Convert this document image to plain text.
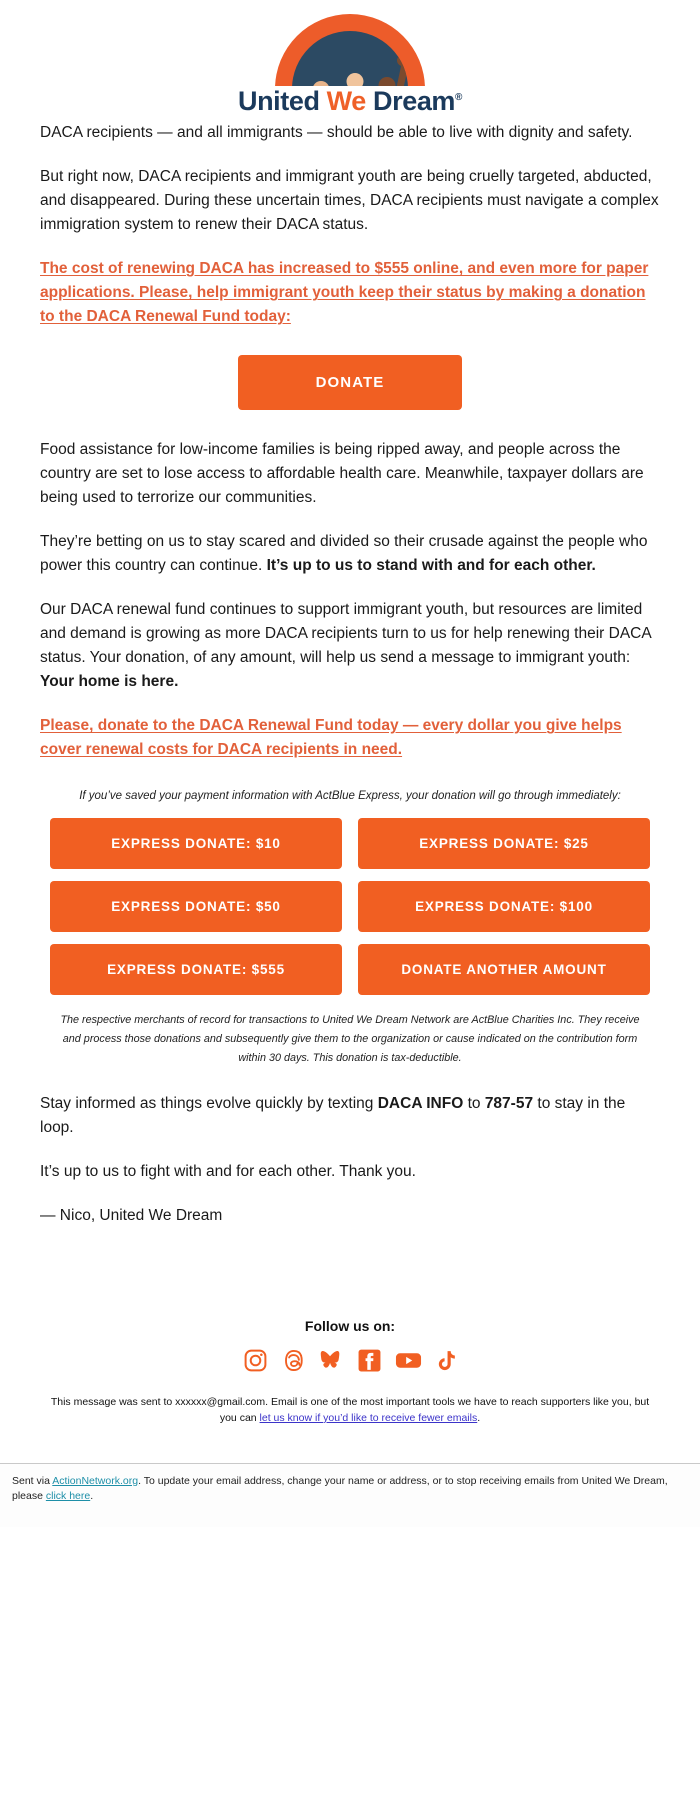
United We Dream®

DACA recipients — and all immigrants — should be able to live with dignity and safety.

But right now, DACA recipients and immigrant youth are being cruelly targeted, abducted, and disappeared. During these uncertain times, DACA recipients must navigate a complex immigration system to renew their DACA status.

The cost of renewing DACA has increased to $555 online, and even more for paper applications. Please, help immigrant youth keep their status by making a donation to the DACA Renewal Fund today:

DONATE

Food assistance for low-income families is being ripped away, and people across the country are set to lose access to affordable health care. Meanwhile, taxpayer dollars are being used to terrorize our communities.

They’re betting on us to stay scared and divided so their crusade against the people who power this country can continue. It’s up to us to stand with and for each other.

Our DACA renewal fund continues to support immigrant youth, but resources are limited and demand is growing as more DACA recipients turn to us for help renewing their DACA status. Your donation, of any amount, will help us send a message to immigrant youth: Your home is here.

Please, donate to the DACA Renewal Fund today — every dollar you give helps cover renewal costs for DACA recipients in need.

If you’ve saved your payment information with ActBlue Express, your donation will go through immediately:
EXPRESS DONATE: $10	EXPRESS DONATE: $25
EXPRESS DONATE: $50	EXPRESS DONATE: $100
EXPRESS DONATE: $555	DONATE ANOTHER AMOUNT
The respective merchants of record for transactions to United We Dream Network are ActBlue Charities Inc. They receive and process those donations and subsequently give them to the organization or cause indicated on the contribution form within 30 days. This donation is tax-deductible.

Stay informed as things evolve quickly by texting DACA INFO to 787-57 to stay in the loop.

It’s up to us to fight with and for each other. Thank you.

— Nico, United We Dream

Follow us on:
This message was sent to xxxxxx@gmail.com. Email is one of the most important tools we have to reach supporters like you, but you can let us know if you’d like to receive fewer emails.
Sent via ActionNetwork.org. To update your email address, change your name or address, or to stop receiving emails from United We Dream, please click here.
